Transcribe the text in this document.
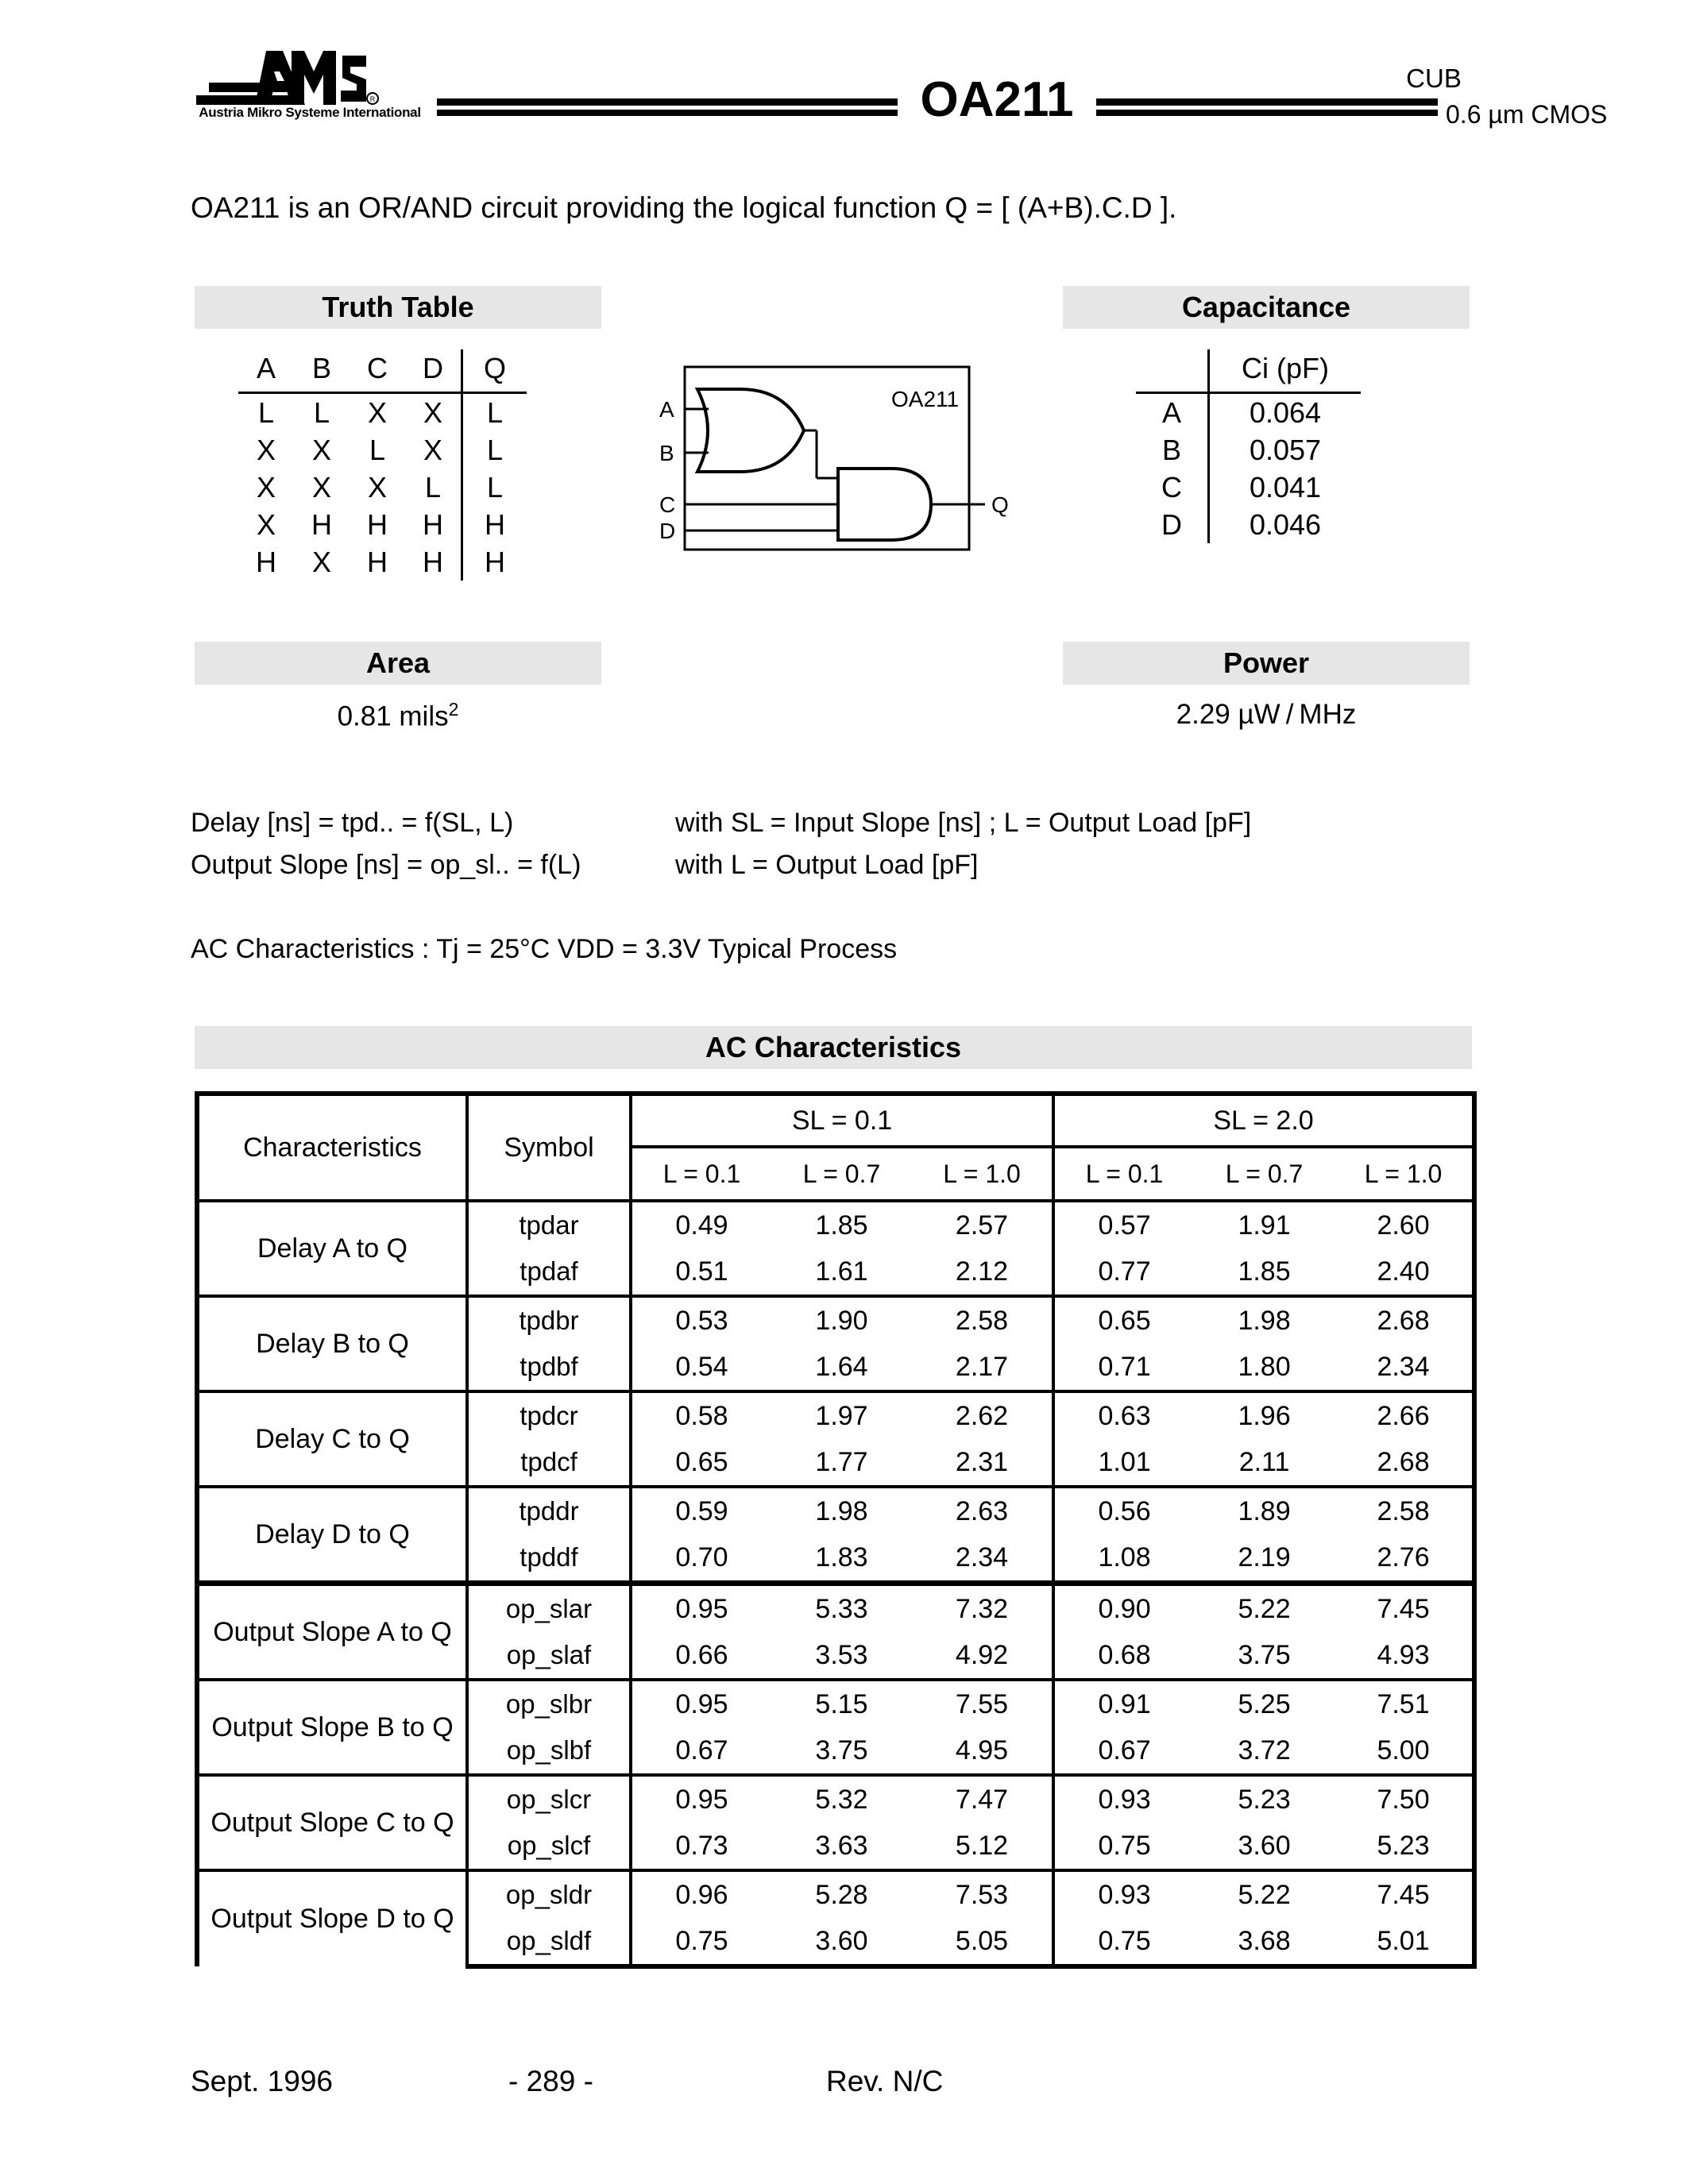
R
Austria Mikro Systeme International	OA211	CUB
0.6 µm CMOS
OA211 is an OR/AND circuit providing the logical function Q = [ (A+B).C.D ].
Truth Table	Capacitance
Area	Power
AC Characteristics
A	B	C	D	Q
L	L	X	X	L
X	X	L	X	L
X	X	X	L	L
X	H	H	H	H
H	X	H	H	H
A
B
C
D
Q
OA211
	Ci (pF)
A	0.064
B	0.057
C	0.041
D	0.046
0.81 mils$^2$	2.29 µW / MHz
Delay [ns] = tpd.. = f(SL, L)	with SL = Input Slope [ns] ; L = Output Load [pF]
Output Slope [ns] = op_sl.. = f(L)	with L = Output Load [pF]
AC Characteristics : Tj = 25°C VDD = 3.3V Typical Process
Characteristics	Symbol	SL = 0.1			SL = 2.0		
		L = 0.1	L = 0.7	L = 1.0	L = 0.1	L = 0.7	L = 1.0
Delay A to Q	tpdar	0.49	1.85	2.57	0.57	1.91	2.60
	tpdaf	0.51	1.61	2.12	0.77	1.85	2.40
Delay B to Q	tpdbr	0.53	1.90	2.58	0.65	1.98	2.68
	tpdbf	0.54	1.64	2.17	0.71	1.80	2.34
Delay C to Q	tpdcr	0.58	1.97	2.62	0.63	1.96	2.66
	tpdcf	0.65	1.77	2.31	1.01	2.11	2.68
Delay D to Q	tpddr	0.59	1.98	2.63	0.56	1.89	2.58
	tpddf	0.70	1.83	2.34	1.08	2.19	2.76
Output Slope A to Q	op_slar	0.95	5.33	7.32	0.90	5.22	7.45
	op_slaf	0.66	3.53	4.92	0.68	3.75	4.93
Output Slope B to Q	op_slbr	0.95	5.15	7.55	0.91	5.25	7.51
	op_slbf	0.67	3.75	4.95	0.67	3.72	5.00
Output Slope C to Q	op_slcr	0.95	5.32	7.47	0.93	5.23	7.50
	op_slcf	0.73	3.63	5.12	0.75	3.60	5.23
Output Slope D to Q	op_sldr	0.96	5.28	7.53	0.93	5.22	7.45
	op_sldf	0.75	3.60	5.05	0.75	3.68	5.01
Sept. 1996	- 289 -	Rev. N/C
